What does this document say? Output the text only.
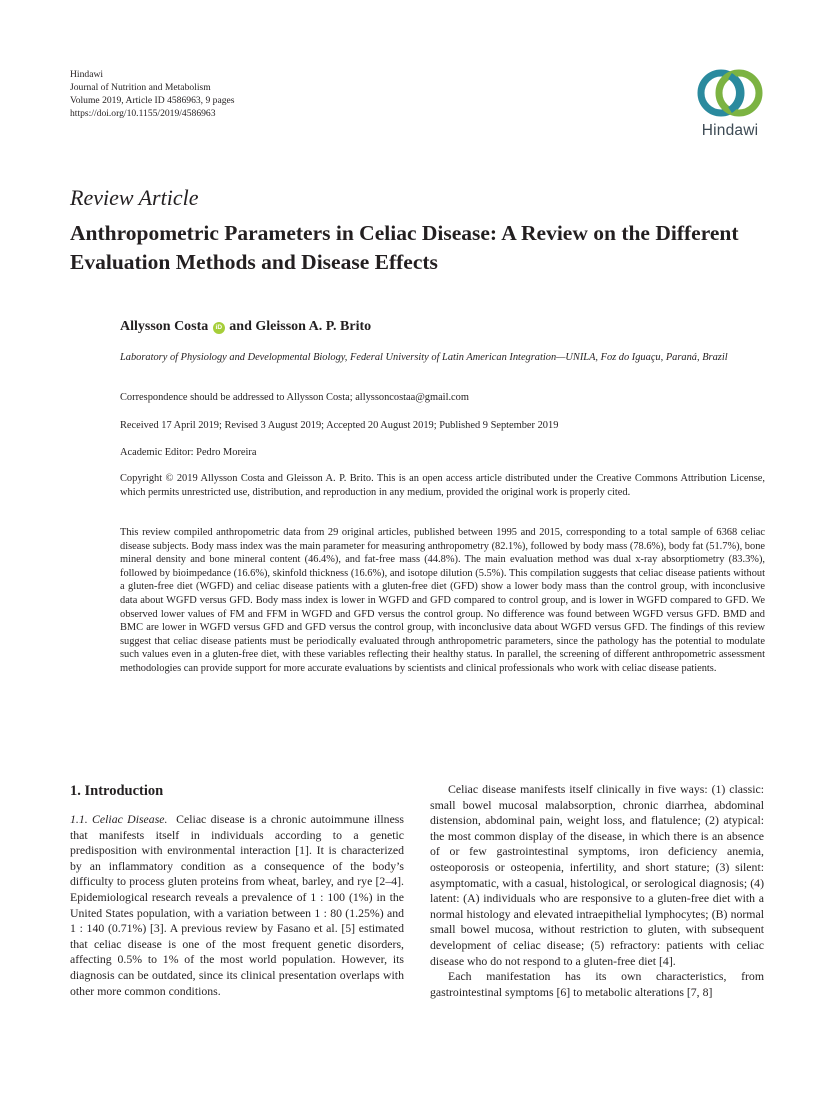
Hindawi
Journal of Nutrition and Metabolism
Volume 2019, Article ID 4586963, 9 pages
https://doi.org/10.1155/2019/4586963
Hindawi
Review Article
Anthropometric Parameters in Celiac Disease: A Review on the Different Evaluation Methods and Disease Effects
Allysson Costa iD and Gleisson A. P. Brito
Laboratory of Physiology and Developmental Biology, Federal University of Latin American Integration—UNILA, Foz do Iguaçu, Paraná, Brazil
Correspondence should be addressed to Allysson Costa; allyssoncostaa@gmail.com
Received 17 April 2019; Revised 3 August 2019; Accepted 20 August 2019; Published 9 September 2019
Academic Editor: Pedro Moreira
Copyright © 2019 Allysson Costa and Gleisson A. P. Brito. This is an open access article distributed under the Creative Commons Attribution License, which permits unrestricted use, distribution, and reproduction in any medium, provided the original work is properly cited.
This review compiled anthropometric data from 29 original articles, published between 1995 and 2015, corresponding to a total sample of 6368 celiac disease subjects. Body mass index was the main parameter for measuring anthropometry (82.1%), followed by body mass (78.6%), body fat (51.7%), bone mineral density and bone mineral content (46.4%), and fat-free mass (44.8%). The main evaluation method was dual x-ray absorptiometry (83.3%), followed by bioimpedance (16.6%), skinfold thickness (16.6%), and isotope dilution (5.5%). This compilation suggests that celiac disease patients without a gluten-free diet (WGFD) and celiac disease patients with a gluten-free diet (GFD) show a lower body mass than the control group, with inconclusive data about WGFD versus GFD. Body mass index is lower in WGFD and GFD compared to control group, and is lower in WGFD compared to GFD. We observed lower values of FM and FFM in WGFD and GFD versus the control group. No difference was found between WGFD versus GFD. BMD and BMC are lower in WGFD versus GFD and GFD versus the control group, with inconclusive data about WGFD versus GFD. The findings of this review suggest that celiac disease patients must be periodically evaluated through anthropometric parameters, since the pathology has the potential to modulate such values even in a gluten-free diet, with these variables reflecting their healthy status. In parallel, the screening of different anthropometric assessment methodologies can provide support for more accurate evaluations by scientists and clinical professionals who work with celiac disease patients.
1. Introduction

1.1. Celiac Disease. Celiac disease is a chronic autoimmune illness that manifests itself in individuals according to a genetic predisposition with environmental interaction [1]. It is characterized by an inflammatory condition as a consequence of the body’s difficulty to process gluten proteins from wheat, barley, and rye [2–4]. Epidemiological research reveals a prevalence of 1 : 100 (1%) in the United States population, with a variation between 1 : 80 (1.25%) and 1 : 140 (0.71%) [3]. A previous review by Fasano et al. [5] estimated that celiac disease is one of the most frequent genetic disorders, affecting 0.5% to 1% of the most world population. However, its diagnosis can be outdated, since its clinical presentation overlaps with other more common conditions.

Celiac disease manifests itself clinically in five ways: (1) classic: small bowel mucosal malabsorption, chronic diarrhea, abdominal distension, abdominal pain, weight loss, and flatulence; (2) atypical: the most common display of the disease, in which there is an absence of or few gastrointestinal symptoms, iron deficiency anemia, osteoporosis or osteopenia, infertility, and short stature; (3) silent: asymptomatic, with a casual, histological, or serological diagnosis; (4) latent: (A) individuals who are responsive to a gluten-free diet with a normal histology and elevated intraepithelial lymphocytes; (B) normal small bowel mucosa, without restriction to gluten, with subsequent development of celiac disease; (5) refractory: patients with celiac disease who do not respond to a gluten-free diet [4].

Each manifestation has its own characteristics, from gastrointestinal symptoms [6] to metabolic alterations [7, 8]
